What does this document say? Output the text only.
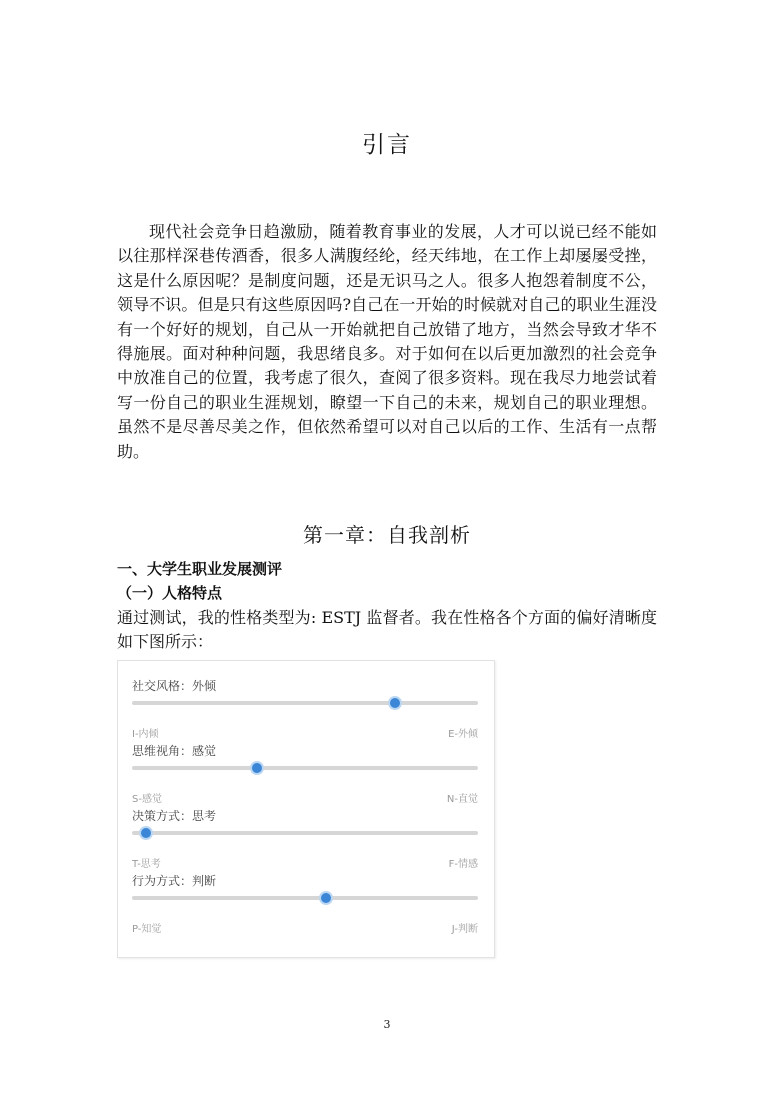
引言

现代社会竞争日趋激励，随着教育事业的发展，人才可以说已经不能如以往那样深巷传酒香，很多人满腹经纶，经天纬地，在工作上却屡屡受挫，这是什么原因呢？是制度问题，还是无识马之人。很多人抱怨着制度不公，领导不识。但是只有这些原因吗?自己在一开始的时候就对自己的职业生涯没有一个好好的规划，自己从一开始就把自己放错了地方，当然会导致才华不得施展。面对种种问题，我思绪良多。对于如何在以后更加激烈的社会竞争中放准自己的位置，我考虑了很久，查阅了很多资料。现在我尽力地尝试着写一份自己的职业生涯规划，瞭望一下自己的未来，规划自己的职业理想。虽然不是尽善尽美之作，但依然希望可以对自己以后的工作、生活有一点帮助。

第一章：自我剖析
一、大学生职业发展测评
（一）人格特点

通过测试，我的性格类型为: ESTJ 监督者。我在性格各个方面的偏好清晰度如下图所示：

社交风格：外倾
I-内倾	E-外倾
思维视角：感觉
S-感觉	N-直觉
决策方式：思考
T-思考	F-情感
行为方式：判断
P-知觉	J-判断
3
